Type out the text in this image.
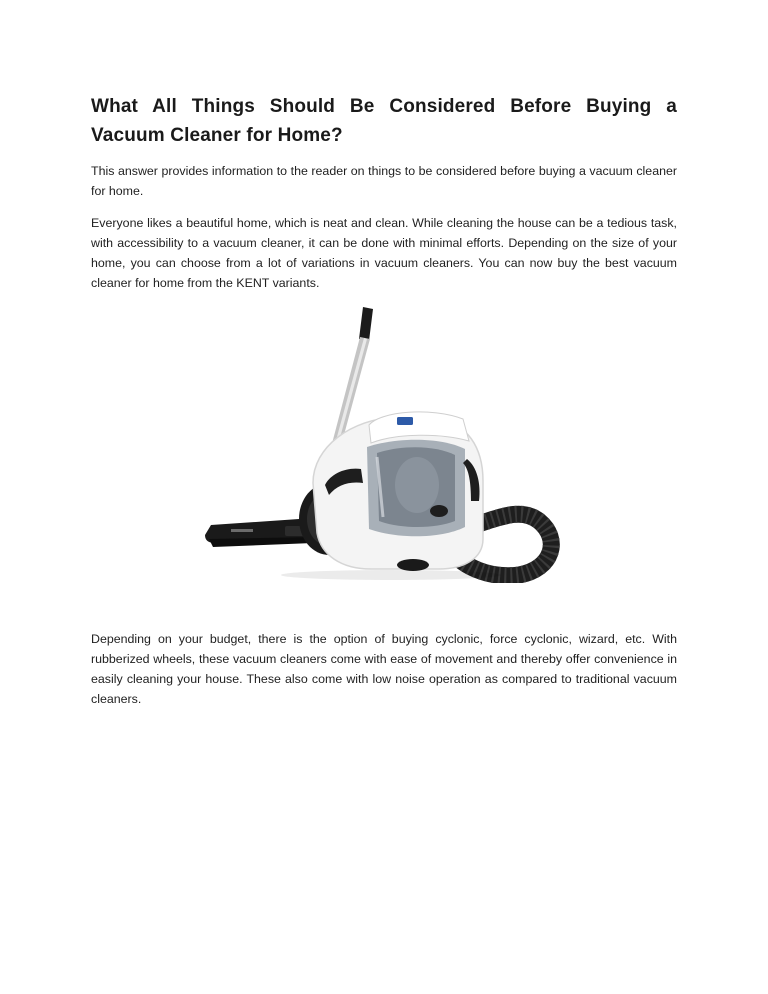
What All Things Should Be Considered Before Buying a Vacuum Cleaner for Home?

This answer provides information to the reader on things to be considered before buying a vacuum cleaner for home.

Everyone likes a beautiful home, which is neat and clean. While cleaning the house can be a tedious task, with accessibility to a vacuum cleaner, it can be done with minimal efforts. Depending on the size of your home, you can choose from a lot of variations in vacuum cleaners. You can now buy the best vacuum cleaner for home from the KENT variants.

Depending on your budget, there is the option of buying cyclonic, force cyclonic, wizard, etc. With rubberized wheels, these vacuum cleaners come with ease of movement and thereby offer convenience in easily cleaning your house. These also come with low noise operation as compared to traditional vacuum cleaners.
